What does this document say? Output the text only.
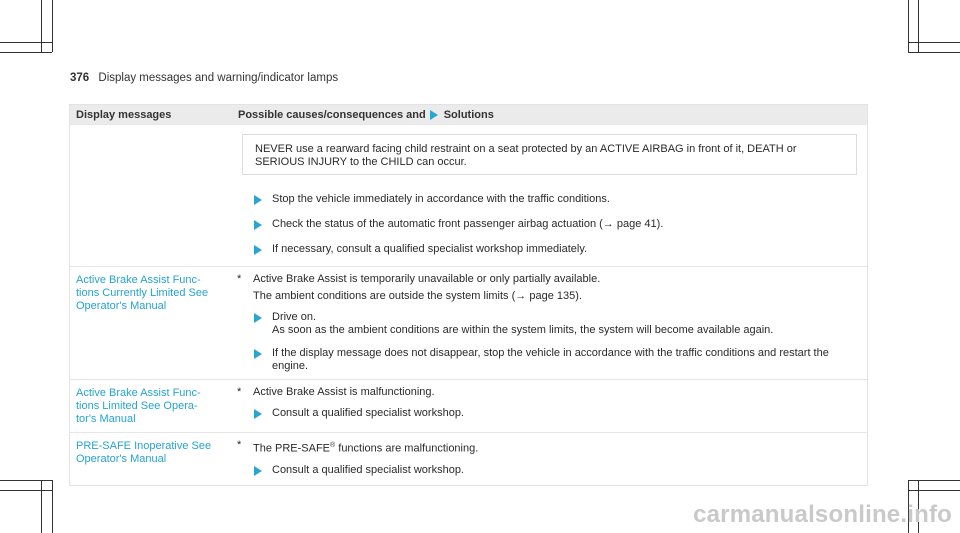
376 Display messages and warning/indicator lamps
Display messages	Possible causes/consequences and Solutions
NEVER use a rearward facing child restraint on a seat protected by an ACTIVE AIRBAG in front of it, DEATH or SERIOUS INJURY to the CHILD can occur.
Stop the vehicle immediately in accordance with the traffic conditions.
Check the status of the automatic front passenger airbag actuation (→ page 41).
If necessary, consult a qualified specialist workshop immediately.
Active Brake Assist Func-
tions Currently Limited See
Operator's Manual
*	Active Brake Assist is temporarily unavailable or only partially available.
The ambient conditions are outside the system limits (→ page 135).
Drive on.
As soon as the ambient conditions are within the system limits, the system will become available again.
If the display message does not disappear, stop the vehicle in accordance with the traffic conditions and restart the engine.
Active Brake Assist Func-
tions Limited See Opera-
tor's Manual
*	Active Brake Assist is malfunctioning.
Consult a qualified specialist workshop.
PRE-SAFE Inoperative See
Operator's Manual
*	The PRE-SAFE® functions are malfunctioning.
Consult a qualified specialist workshop.
carmanualsonline.info
